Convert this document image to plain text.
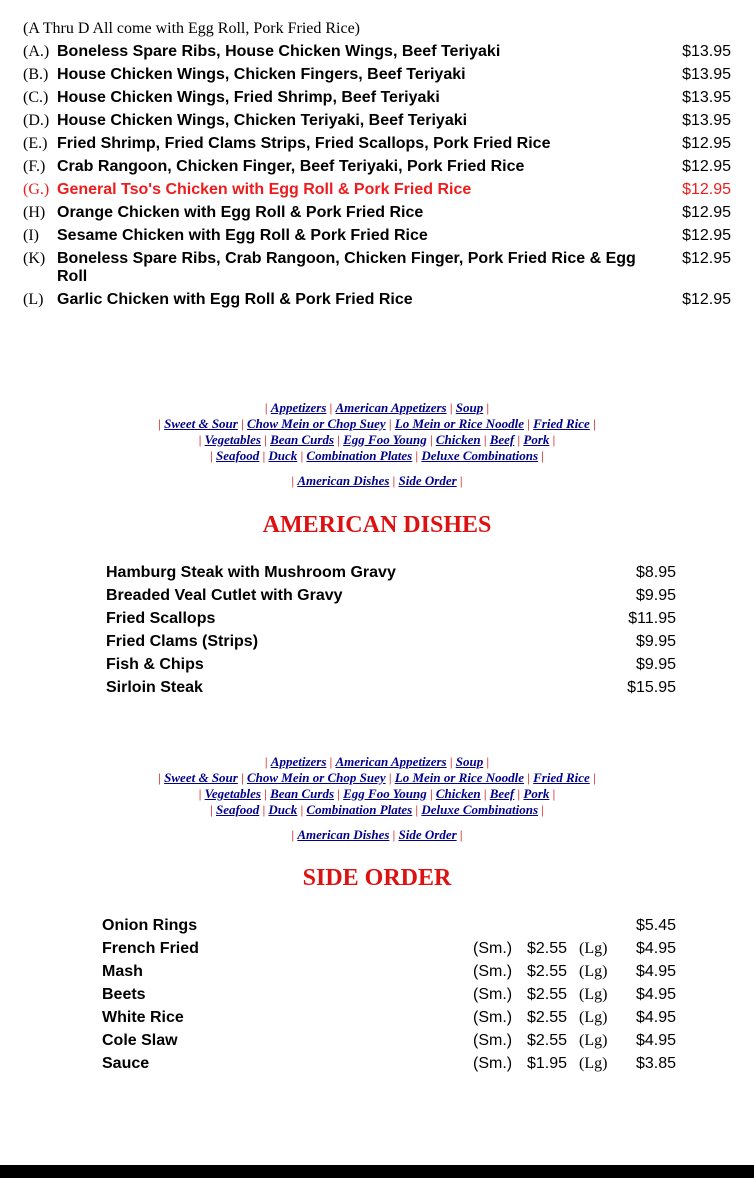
(A Thru D All come with Egg Roll, Pork Fried Rice)
(A.)	Boneless Spare Ribs, House Chicken Wings, Beef Teriyaki	$13.95
(B.)	House Chicken Wings, Chicken Fingers, Beef Teriyaki	$13.95
(C.)	House Chicken Wings, Fried Shrimp, Beef Teriyaki	$13.95
(D.)	House Chicken Wings, Chicken Teriyaki, Beef Teriyaki	$13.95
(E.)	Fried Shrimp, Fried Clams Strips, Fried Scallops, Pork Fried Rice	$12.95
(F.)	Crab Rangoon, Chicken Finger, Beef Teriyaki, Pork Fried Rice	$12.95
(G.)	General Tso's Chicken with Egg Roll & Pork Fried Rice	$12.95
(H)	Orange Chicken with Egg Roll & Pork Fried Rice	$12.95
(I)	Sesame Chicken with Egg Roll & Pork Fried Rice	$12.95
(K)	Boneless Spare Ribs, Crab Rangoon, Chicken Finger, Pork Fried Rice & Egg Roll	$12.95
(L)	Garlic Chicken with Egg Roll & Pork Fried Rice	$12.95
| Appetizers | American Appetizers | Soup |
| Sweet & Sour | Chow Mein or Chop Suey | Lo Mein or Rice Noodle | Fried Rice |
| Vegetables | Bean Curds | Egg Foo Young | Chicken | Beef | Pork |
| Seafood | Duck | Combination Plates | Deluxe Combinations |
| American Dishes | Side Order |
AMERICAN DISHES
Hamburg Steak with Mushroom Gravy	$8.95
Breaded Veal Cutlet with Gravy	$9.95
Fried Scallops	$11.95
Fried Clams (Strips)	$9.95
Fish & Chips	$9.95
Sirloin Steak	$15.95
| Appetizers | American Appetizers | Soup |
| Sweet & Sour | Chow Mein or Chop Suey | Lo Mein or Rice Noodle | Fried Rice |
| Vegetables | Bean Curds | Egg Foo Young | Chicken | Beef | Pork |
| Seafood | Duck | Combination Plates | Deluxe Combinations |
| American Dishes | Side Order |
SIDE ORDER
Onion Rings				$5.45
French Fried	(Sm.)	$2.55	(Lg)	$4.95
Mash	(Sm.)	$2.55	(Lg)	$4.95
Beets	(Sm.)	$2.55	(Lg)	$4.95
White Rice	(Sm.)	$2.55	(Lg)	$4.95
Cole Slaw	(Sm.)	$2.55	(Lg)	$4.95
Sauce	(Sm.)	$1.95	(Lg)	$3.85
